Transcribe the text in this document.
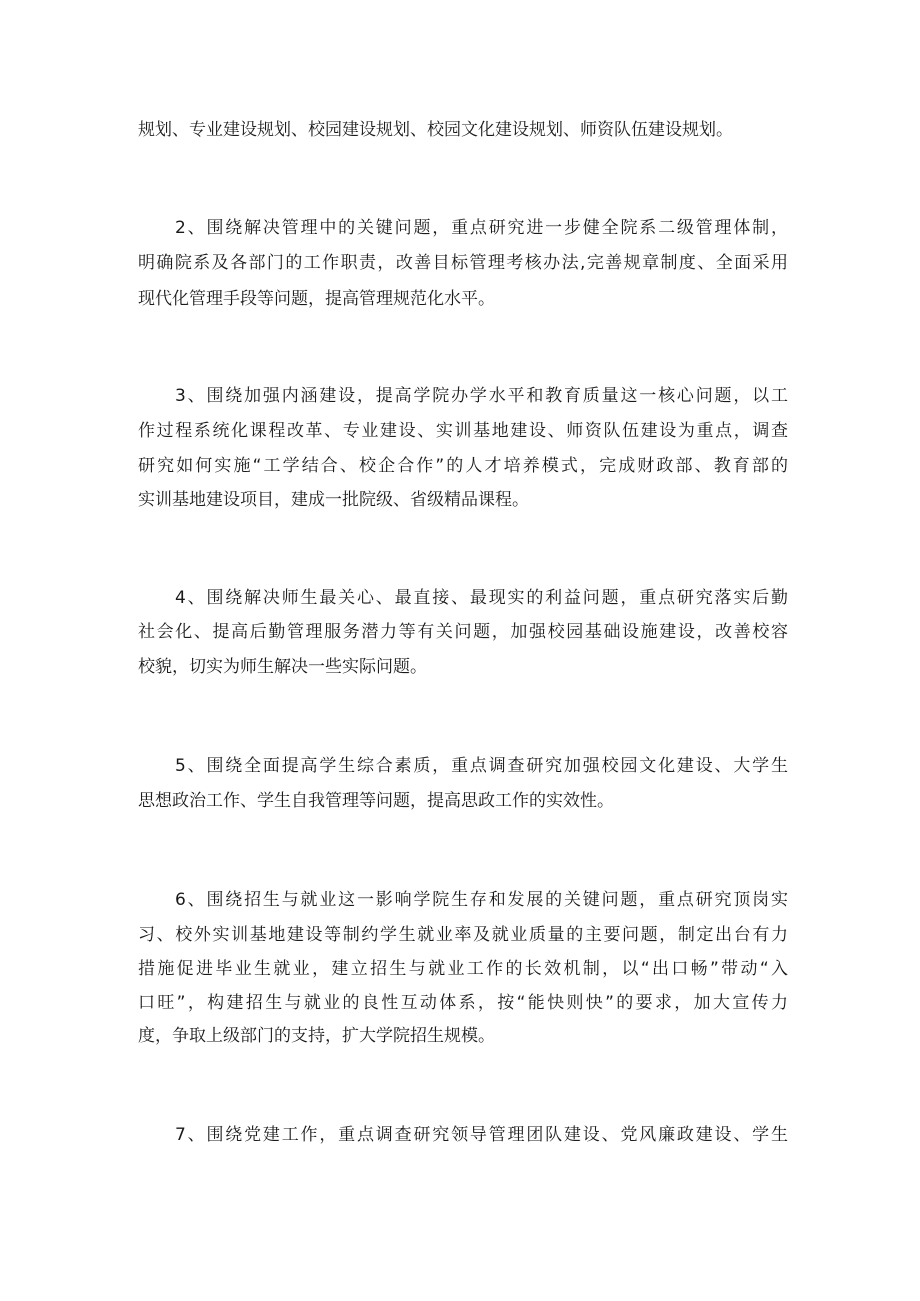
规划、专业建设规划、校园建设规划、校园文化建设规划、师资队伍建设规划。
2、围绕解决管理中的关键问题，重点研究进一步健全院系二级管理体制，
明确院系及各部门的工作职责，改善目标管理考核办法,完善规章制度、全面采用
现代化管理手段等问题，提高管理规范化水平。
3、围绕加强内涵建设，提高学院办学水平和教育质量这一核心问题，以工
作过程系统化课程改革、专业建设、实训基地建设、师资队伍建设为重点，调查
研究如何实施“工学结合、校企合作”的人才培养模式，完成财政部、教育部的
实训基地建设项目，建成一批院级、省级精品课程。
4、围绕解决师生最关心、最直接、最现实的利益问题，重点研究落实后勤
社会化、提高后勤管理服务潜力等有关问题，加强校园基础设施建设，改善校容
校貌，切实为师生解决一些实际问题。
5、围绕全面提高学生综合素质，重点调查研究加强校园文化建设、大学生
思想政治工作、学生自我管理等问题，提高思政工作的实效性。
6、围绕招生与就业这一影响学院生存和发展的关键问题，重点研究顶岗实
习、校外实训基地建设等制约学生就业率及就业质量的主要问题，制定出台有力
措施促进毕业生就业，建立招生与就业工作的长效机制，以“出口畅”带动“入
口旺”，构建招生与就业的良性互动体系，按“能快则快”的要求，加大宣传力
度，争取上级部门的支持，扩大学院招生规模。
7、围绕党建工作，重点调查研究领导管理团队建设、党风廉政建设、学生
